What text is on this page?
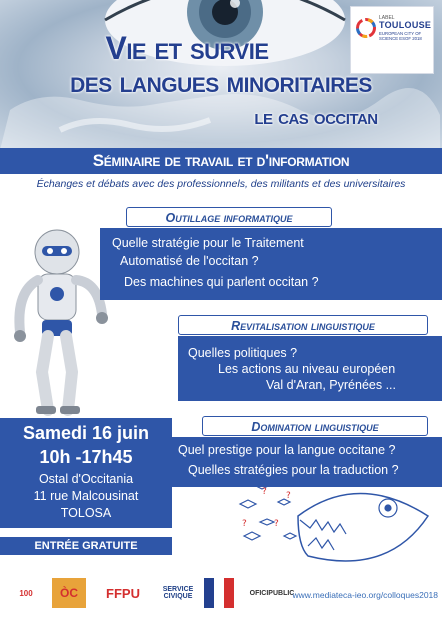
LABEL
TOULOUSE
EUROPEAN CITY OF SCIENCE ESOF 2018
Vie et survie
des langues minoritaires
le cas occitan
Séminaire de travail et d'information
Échanges et débats avec des professionnels, des militants et des universitaires
Outillage informatique
Quelle stratégie pour le Traitement
Automatisé de l'occitan ?
Des machines qui parlent occitan ?
Revitalisation linguistique
Quelles politiques ?
Les actions au niveau européen
Val d'Aran, Pyrénées ...
Domination linguistique
Quel prestige pour la langue occitane ?
Quelles stratégies pour la traduction ?
Samedi 16 juin
10h -17h45
Ostal d'Occitania
11 rue Malcousinat
TOLOSA
ENTRÉE GRATUITE
?
?
?
?
100 ÒC FFPU	SERVICE CIVIQUE	OFICIPUBLIC
www.mediateca-ieo.org/colloques2018
